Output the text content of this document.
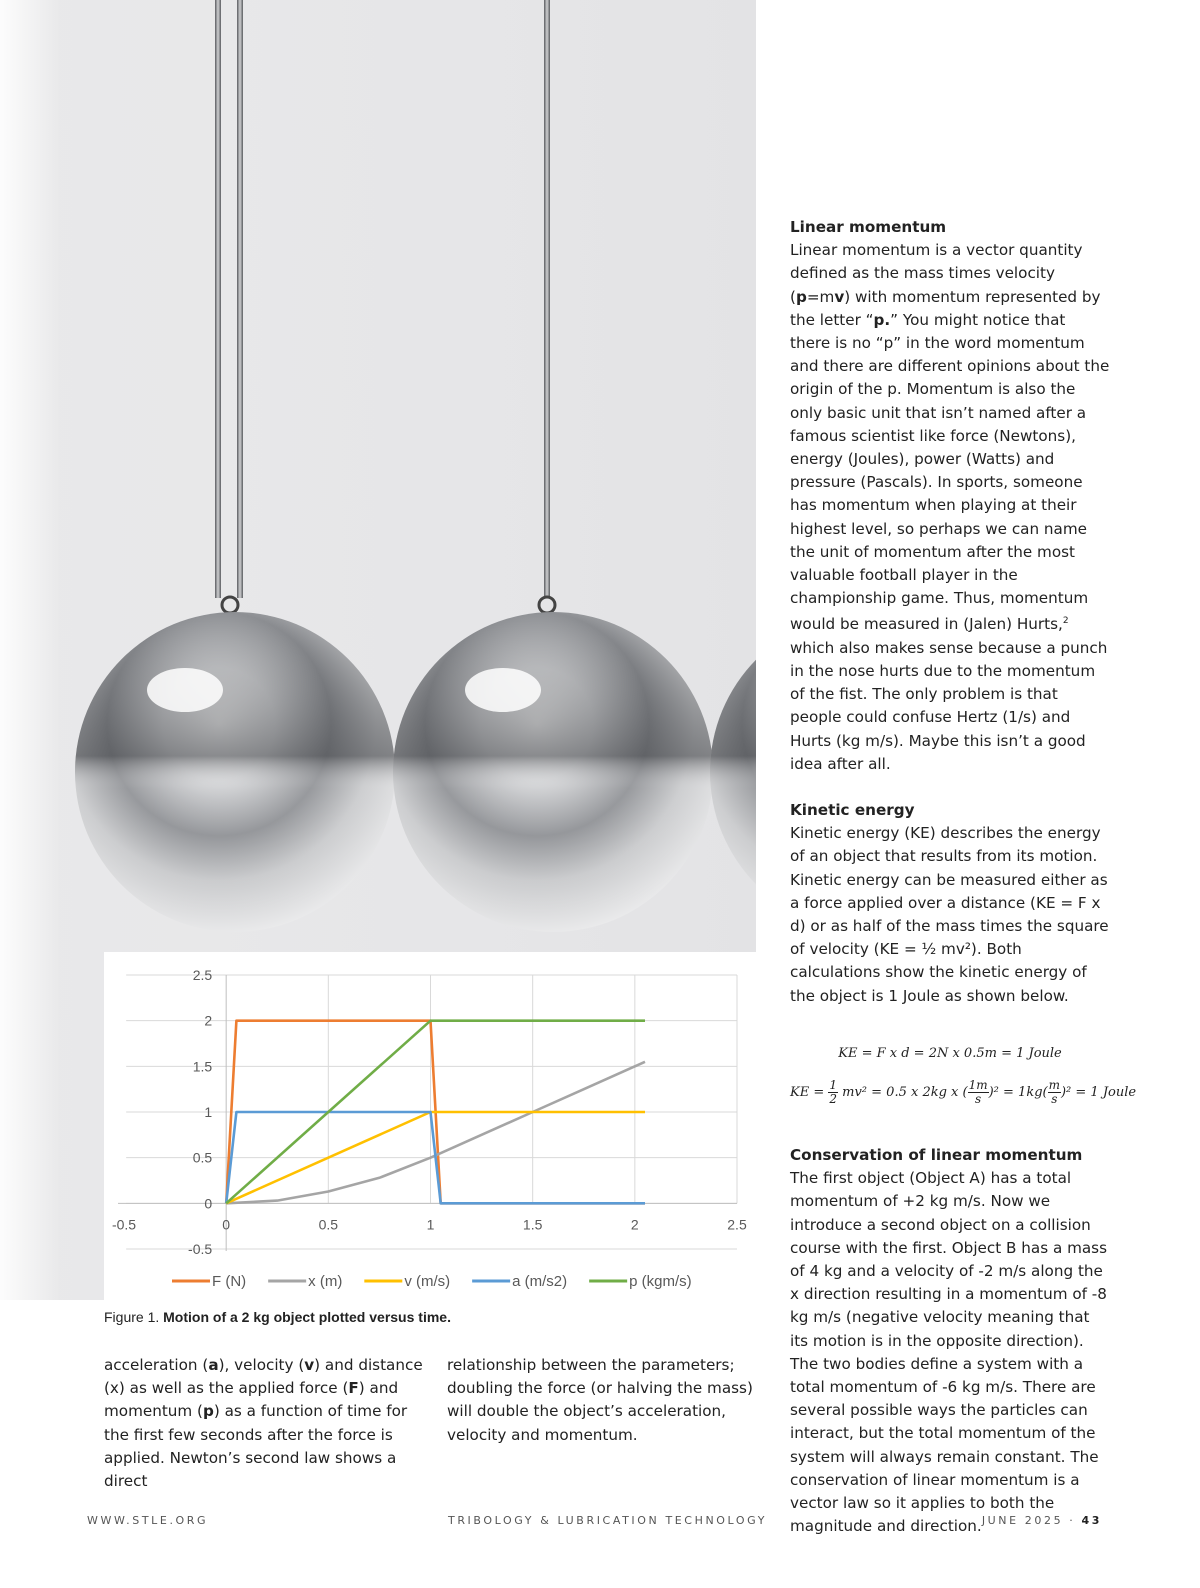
-0.5	0	0.5	1	1.5	2	2.5
-0.5
0
0.5
1
1.5
2
2.5
F (N)	x (m)	v (m/s)	a (m/s2)	p (kgm/s)
Figure 1. Motion of a 2 kg object plotted versus time.

acceleration (a), velocity (v) and distance (x) as well as the applied force (F) and momentum (p) as a function of time for the first few seconds after the force is applied. Newton’s second law shows a direct

relationship between the parameters; doubling the force (or halving the mass) will double the object’s acceleration, velocity and momentum.

Linear momentum

Linear momentum is a vector quantity defined as the mass times velocity (p=mv) with momentum represented by the letter “p.” You might notice that there is no “p” in the word momentum and there are different opinions about the origin of the p. Momentum is also the only basic unit that isn’t named after a famous scientist like force (Newtons), energy (Joules), power (Watts) and pressure (Pascals). In sports, someone has momentum when playing at their highest level, so perhaps we can name the unit of momentum after the most valuable football player in the championship game. Thus, momentum would be measured in (Jalen) Hurts,$^2$ which also makes sense because a punch in the nose hurts due to the momentum of the fist. The only problem is that people could confuse Hertz (1/s) and Hurts (kg m/s). Maybe this isn’t a good idea after all.

Kinetic energy

Kinetic energy (KE) describes the energy of an object that results from its motion. Kinetic energy can be measured either as a force applied over a distance (KE = F x d) or as half of the mass times the square of velocity (KE = ½ mv²). Both calculations show the kinetic energy of the object is 1 Joule as shown below.

KE = F x d = 2N x 0.5m = 1 Joule
KE = $\frac{1}{2} mv^2 = 0.5$ x 2kg x ( $\frac{1m}{s} )^2 = 1kg( \frac{m}{s} )^2 = 1$ Joule
Conservation of linear momentum

The first object (Object A) has a total momentum of +2 kg m/s. Now we introduce a second object on a collision course with the first. Object B has a mass of 4 kg and a velocity of -2 m/s along the x direction resulting in a momentum of -8 kg m/s (negative velocity meaning that its motion is in the opposite direction). The two bodies define a system with a total momentum of -6 kg m/s. There are several possible ways the particles can interact, but the total momentum of the system will always remain constant. The conservation of linear momentum is a vector law so it applies to both the magnitude and direction.

WWW.STLE.ORG	TRIBOLOGY & LUBRICATION TECHNOLOGY	JUNE 2025 · 43
